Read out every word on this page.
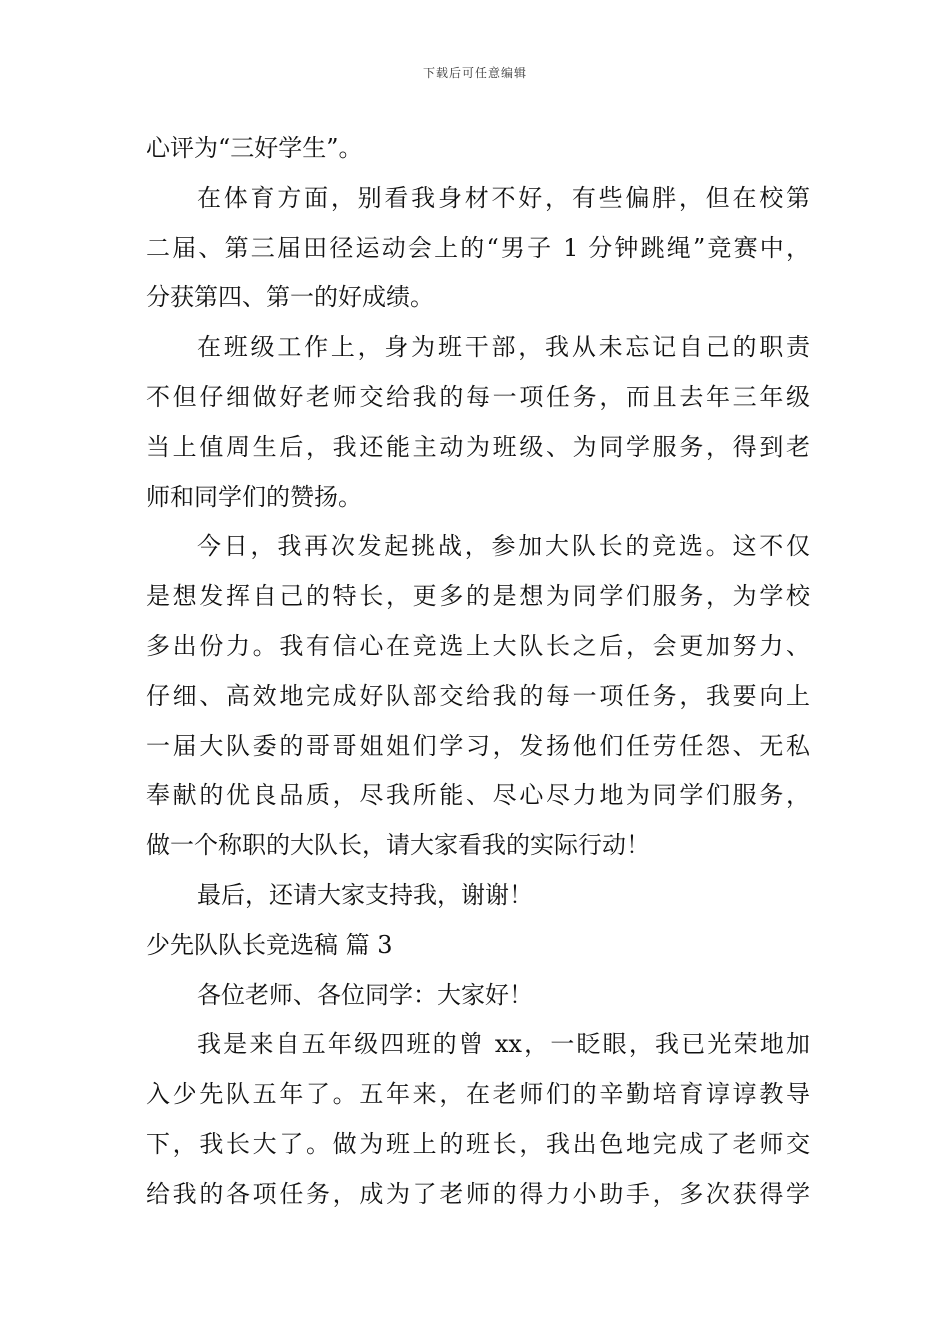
下载后可任意编辑
心评为“三好学生”。
在体育方面，别看我身材不好，有些偏胖，但在校第
二届、第三届田径运动会上的“男子 1 分钟跳绳”竞赛中，
分获第四、第一的好成绩。
在班级工作上，身为班干部，我从未忘记自己的职责
不但仔细做好老师交给我的每一项任务，而且去年三年级
当上值周生后，我还能主动为班级、为同学服务，得到老
师和同学们的赞扬。
今日，我再次发起挑战，参加大队长的竞选。这不仅
是想发挥自己的特长，更多的是想为同学们服务，为学校
多出份力。我有信心在竞选上大队长之后，会更加努力、
仔细、高效地完成好队部交给我的每一项任务，我要向上
一届大队委的哥哥姐姐们学习，发扬他们任劳任怨、无私
奉献的优良品质，尽我所能、尽心尽力地为同学们服务，
做一个称职的大队长，请大家看我的实际行动！
最后，还请大家支持我，谢谢！
少先队队长竞选稿 篇 3
各位老师、各位同学：大家好！
我是来自五年级四班的曾 xx，一眨眼，我已光荣地加
入少先队五年了。五年来，在老师们的辛勤培育谆谆教导
下，我长大了。做为班上的班长，我出色地完成了老师交
给我的各项任务，成为了老师的得力小助手，多次获得学
